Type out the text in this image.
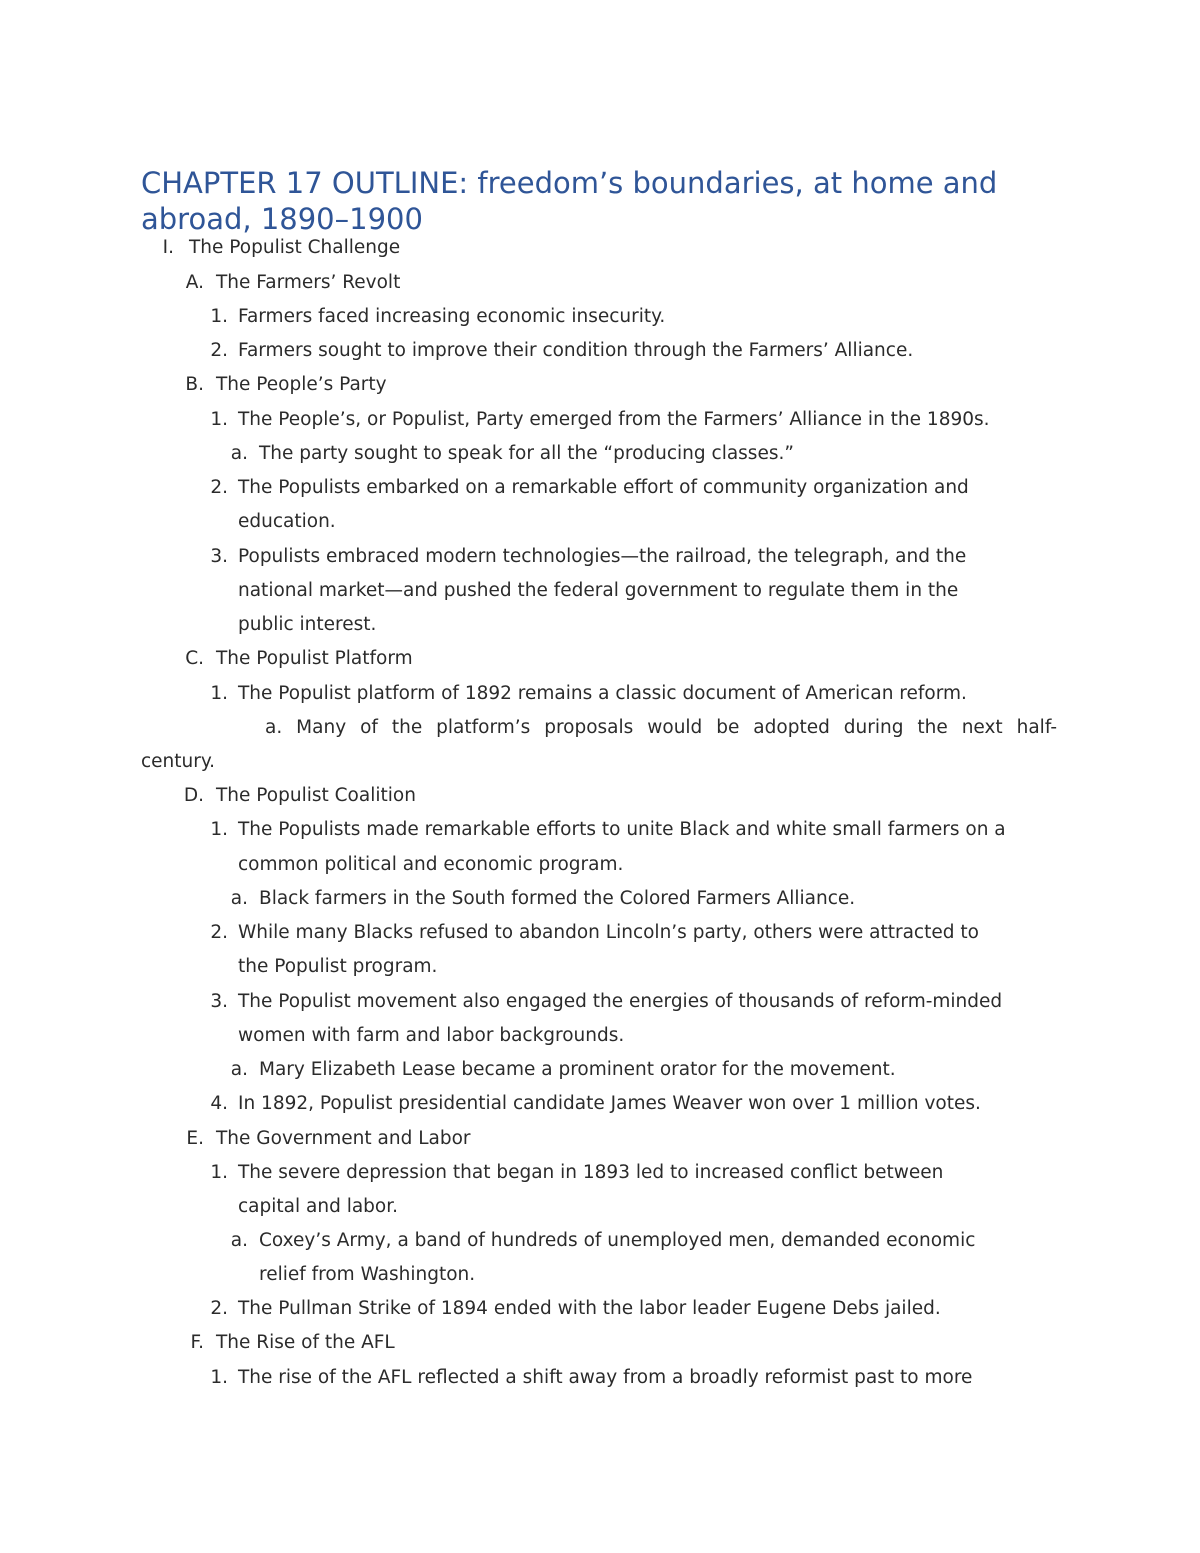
CHAPTER 17 OUTLINE: freedom’s boundaries, at home and abroad, 1890–1900
I. The Populist Challenge
A. The Farmers’ Revolt
1. Farmers faced increasing economic insecurity.
2. Farmers sought to improve their condition through the Farmers’ Alliance.
B. The People’s Party
1. The People’s, or Populist, Party emerged from the Farmers’ Alliance in the 1890s.
a. The party sought to speak for all the “producing classes.”
2. The Populists embarked on a remarkable effort of community organization and
education.
3. Populists embraced modern technologies—the railroad, the telegraph, and the
national market—and pushed the federal government to regulate them in the
public interest.
C. The Populist Platform
1. The Populist platform of 1892 remains a classic document of American reform.
a. Many of the platform’s proposals would be adopted during the next half-
century.
D. The Populist Coalition
1. The Populists made remarkable efforts to unite Black and white small farmers on a
common political and economic program.
a. Black farmers in the South formed the Colored Farmers Alliance.
2. While many Blacks refused to abandon Lincoln’s party, others were attracted to
the Populist program.
3. The Populist movement also engaged the energies of thousands of reform-minded
women with farm and labor backgrounds.
a. Mary Elizabeth Lease became a prominent orator for the movement.
4. In 1892, Populist presidential candidate James Weaver won over 1 million votes.
E. The Government and Labor
1. The severe depression that began in 1893 led to increased conflict between
capital and labor.
a. Coxey’s Army, a band of hundreds of unemployed men, demanded economic
relief from Washington.
2. The Pullman Strike of 1894 ended with the labor leader Eugene Debs jailed.
F. The Rise of the AFL
1. The rise of the AFL reflected a shift away from a broadly reformist past to more
